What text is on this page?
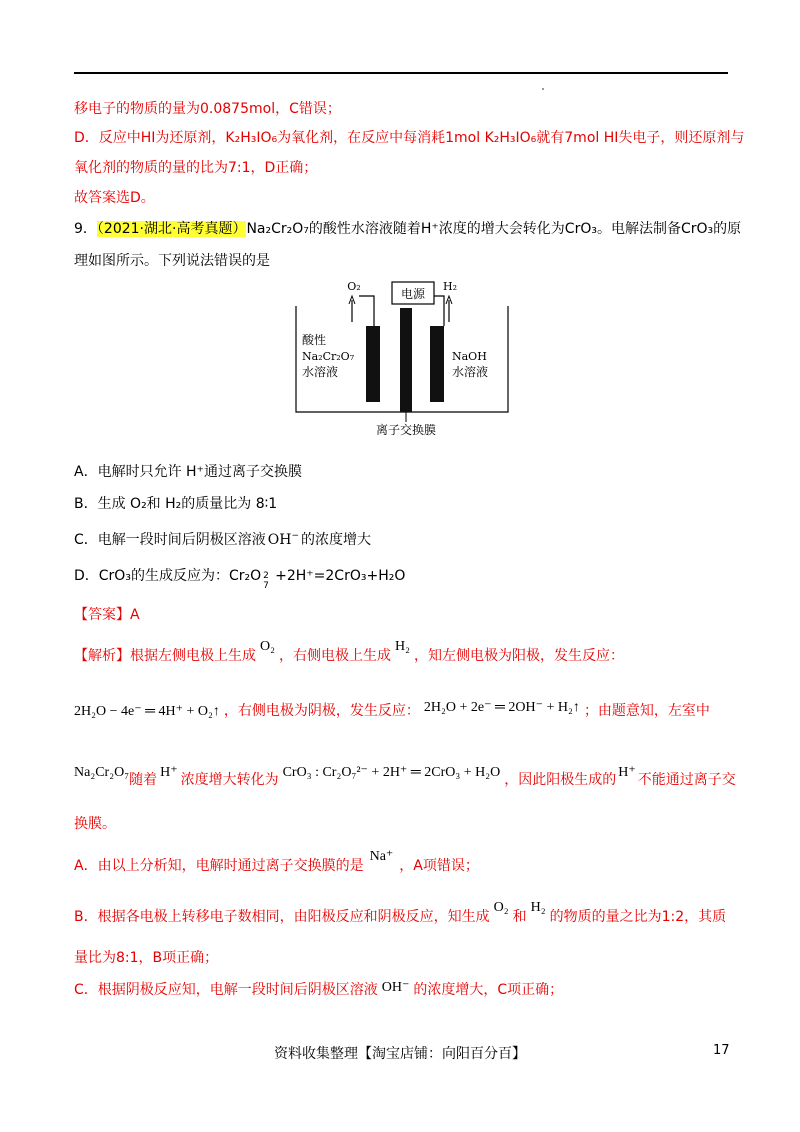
移电子的物质的量为0.0875mol，C错误；
D．反应中HI为还原剂，K₂H₃IO₆为氧化剂，在反应中每消耗1mol K₂H₃IO₆就有7mol HI失电子，则还原剂与
氧化剂的物质的量的比为7:1，D正确；
故答案选D。
9．（2021·湖北·高考真题）Na₂Cr₂O₇的酸性水溶液随着H⁺浓度的增大会转化为CrO₃。电解法制备CrO₃的原
理如图所示。下列说法错误的是
电源
O₂	H₂
酸性
Na₂Cr₂O₇
水溶液
NaOH
水溶液
离子交换膜
A．电解时只允许 H⁺通过离子交换膜
B．生成 O₂和 H₂的质量比为 8∶1
C．电解一段时间后阴极区溶液 OH− 的浓度增大
D．CrO₃的生成反应为：Cr₂O 2
7
+2H⁺=2CrO₃+H₂O
【答案】A
【解析】根据左侧电极上生成O₂，右侧电极上生成H₂，知左侧电极为阳极，发生反应：
2H₂O − 4e⁻ ═ 4H⁺ + O₂↑ ，右侧电极为阴极，发生反应： 2H₂O + 2e⁻ ═ 2OH⁻ + H₂↑ ；由题意知，左室中
Na₂Cr₂O₇随着 H⁺ 浓度增大转化为 CrO₃ : Cr₂O₇²⁻ + 2H⁺ ═ 2CrO₃ + H₂O ，因此阳极生成的 H⁺ 不能通过离子交
换膜。
A．由以上分析知，电解时通过离子交换膜的是Na⁺，A项错误；
B．根据各电极上转移电子数相同，由阳极反应和阴极反应，知生成O₂和H₂的物质的量之比为1:2，其质
量比为8:1，B项正确；
C．根据阴极反应知，电解一段时间后阴极区溶液 OH⁻ 的浓度增大，C项正确；
资料收集整理【淘宝店铺：向阳百分百】	17
